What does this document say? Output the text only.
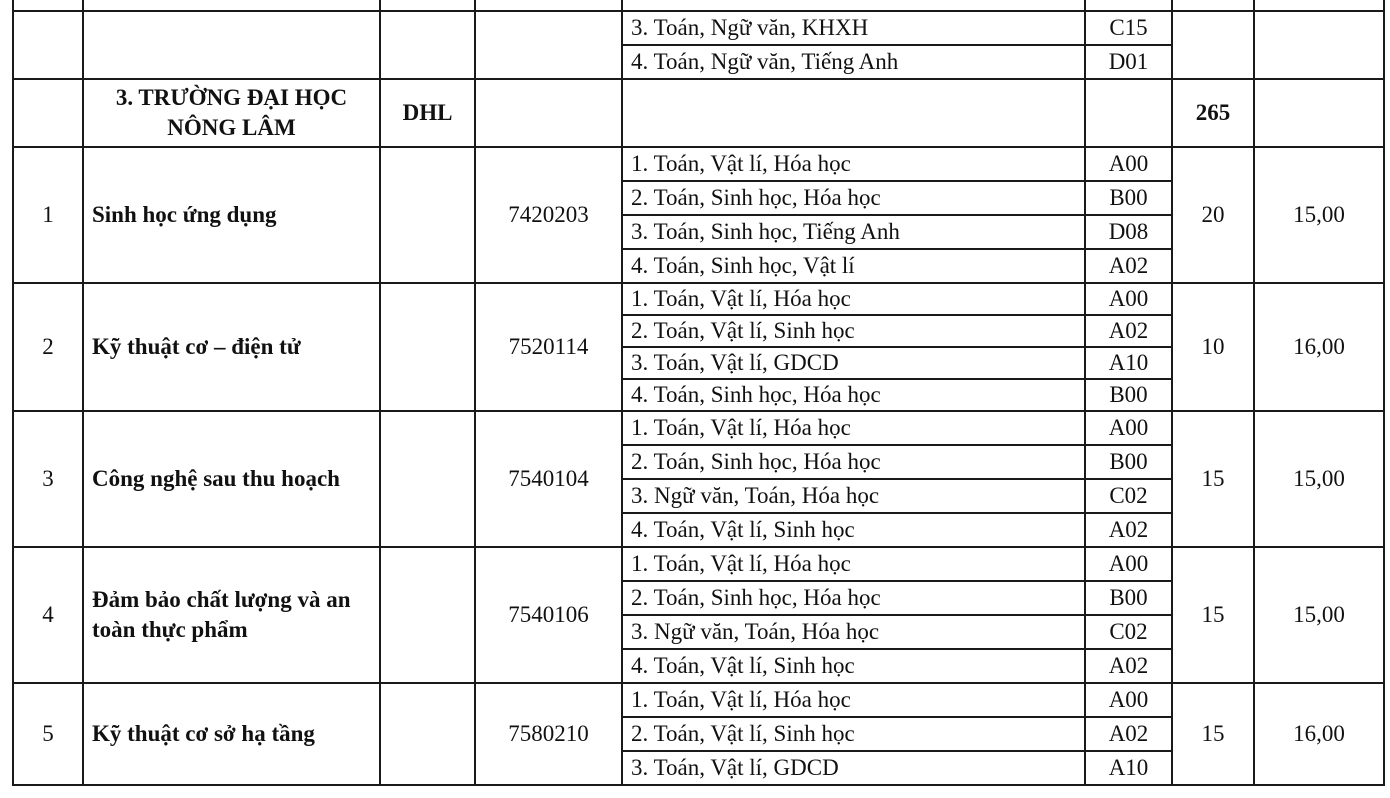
				3. Toán, Ngữ văn, KHXH	C15		
				4. Toán, Ngữ văn, Tiếng Anh	D01		
	3. TRƯỜNG ĐẠI HỌC
NÔNG LÂM	DHL				265	
1	Sinh học ứng dụng		7420203	1. Toán, Vật lí, Hóa học	A00	20	15,00
				2. Toán, Sinh học, Hóa học	B00		
				3. Toán, Sinh học, Tiếng Anh	D08		
				4. Toán, Sinh học, Vật lí	A02		
2	Kỹ thuật cơ – điện tử		7520114	1. Toán, Vật lí, Hóa học	A00	10	16,00
				2. Toán, Vật lí, Sinh học	A02		
				3. Toán, Vật lí, GDCD	A10		
				4. Toán, Sinh học, Hóa học	B00		
3	Công nghệ sau thu hoạch		7540104	1. Toán, Vật lí, Hóa học	A00	15	15,00
				2. Toán, Sinh học, Hóa học	B00		
				3. Ngữ văn, Toán, Hóa học	C02		
				4. Toán, Vật lí, Sinh học	A02		
4	Đảm bảo chất lượng và an toàn thực phẩm		7540106	1. Toán, Vật lí, Hóa học	A00	15	15,00
				2. Toán, Sinh học, Hóa học	B00		
				3. Ngữ văn, Toán, Hóa học	C02		
				4. Toán, Vật lí, Sinh học	A02		
5	Kỹ thuật cơ sở hạ tầng		7580210	1. Toán, Vật lí, Hóa học	A00	15	16,00
				2. Toán, Vật lí, Sinh học	A02		
				3. Toán, Vật lí, GDCD	A10		
